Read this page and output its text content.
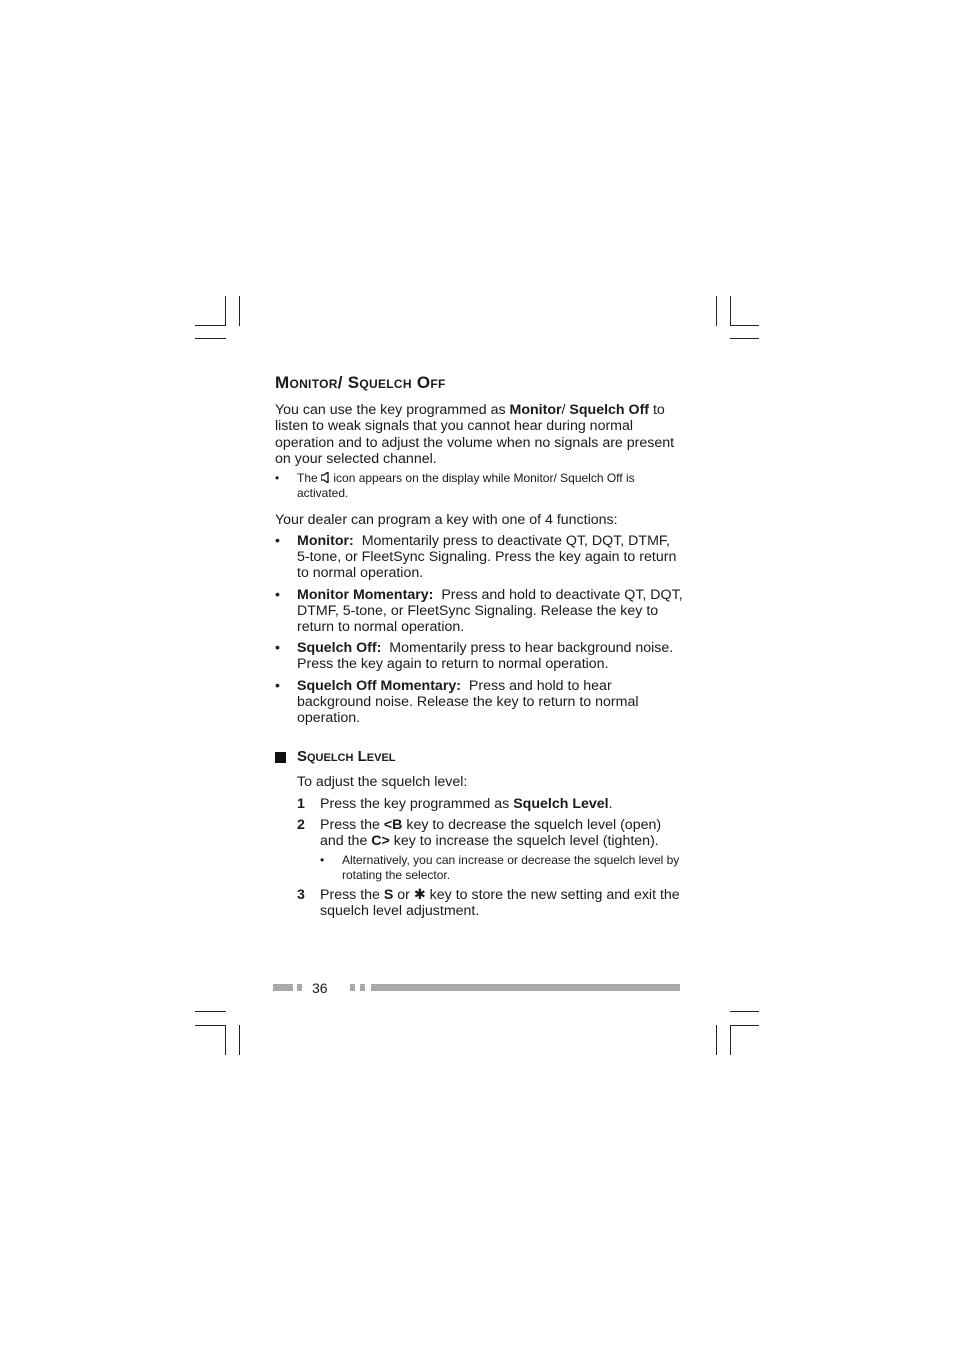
Monitor/ Squelch Off

You can use the key programmed as Monitor/ Squelch Off to listen to weak signals that you cannot hear during normal operation and to adjust the volume when no signals are present on your selected channel.

•	The  icon appears on the display while Monitor/ Squelch Off is activated.

Your dealer can program a key with one of 4 functions:

•	Monitor: Momentarily press to deactivate QT, DQT, DTMF, 5-tone, or FleetSync Signaling. Press the key again to return to normal operation.
•	Monitor Momentary: Press and hold to deactivate QT, DQT, DTMF, 5-tone, or FleetSync Signaling. Release the key to return to normal operation.
•	Squelch Off: Momentarily press to hear background noise. Press the key again to return to normal operation.
•	Squelch Off Momentary: Press and hold to hear background noise. Release the key to return to normal operation.
Squelch Level

To adjust the squelch level:

1	Press the key programmed as Squelch Level.
2	Press the <B key to decrease the squelch level (open) and the C> key to increase the squelch level (tighten).
•	Alternatively, you can increase or decrease the squelch level by rotating the selector.
3	Press the S or ✱ key to store the new setting and exit the squelch level adjustment.
36
